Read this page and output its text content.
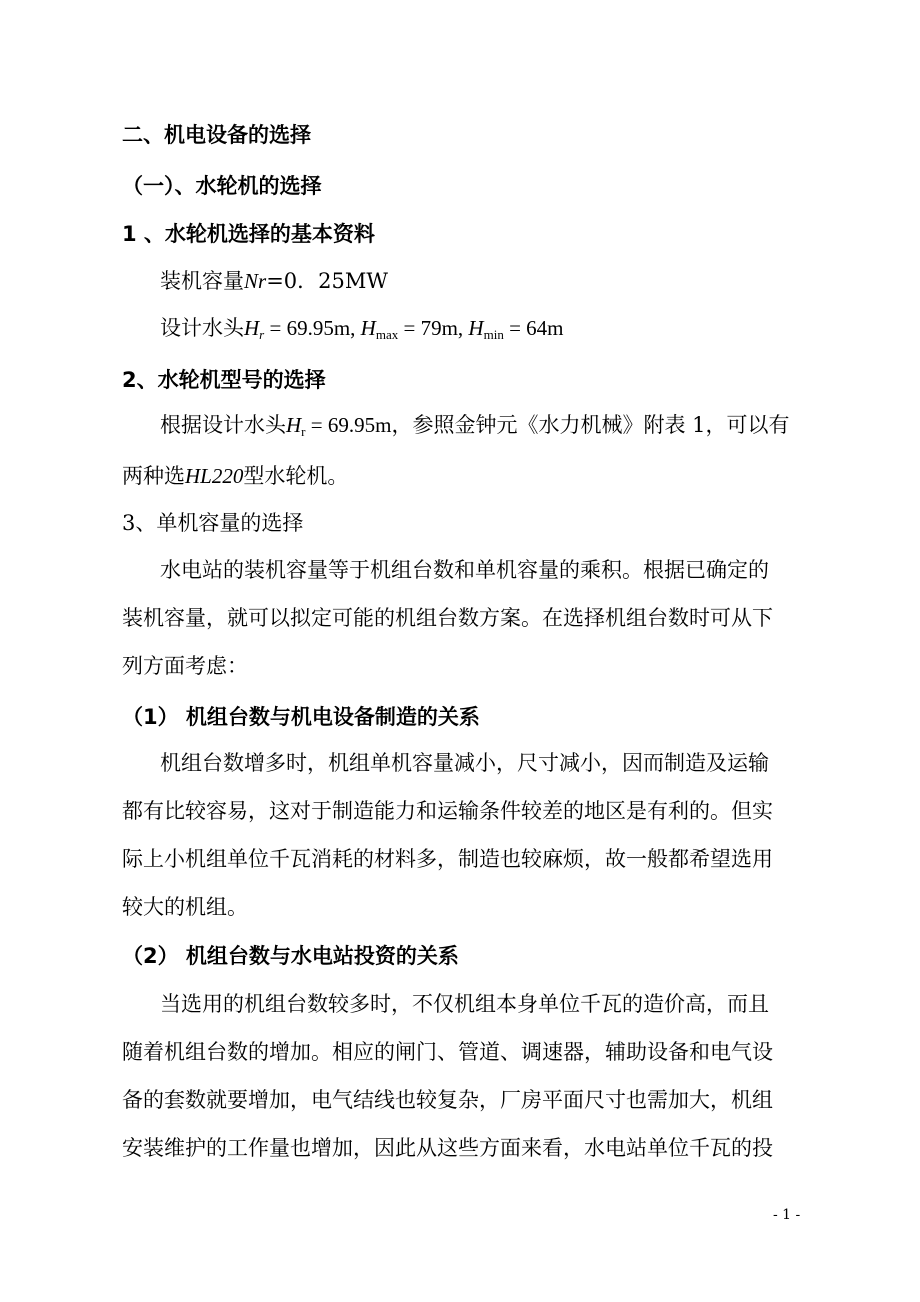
二、机电设备的选择
（一）、水轮机的选择
1 、水轮机选择的基本资料
装机容量Nr=0．25MW
设计水头$H_r = 69.95m$, $H_{max} = 79m$, $H_{min} = 64m$
2、水轮机型号的选择
根据设计水头$H_r = 69.95m$，参照金钟元《水力机械》附表 1，可以有
两种选HL220型水轮机。
3、单机容量的选择
水电站的装机容量等于机组台数和单机容量的乘积。根据已确定的
装机容量，就可以拟定可能的机组台数方案。在选择机组台数时可从下
列方面考虑：
（1） 机组台数与机电设备制造的关系
机组台数增多时，机组单机容量减小，尺寸减小，因而制造及运输
都有比较容易，这对于制造能力和运输条件较差的地区是有利的。但实
际上小机组单位千瓦消耗的材料多，制造也较麻烦，故一般都希望选用
较大的机组。
（2） 机组台数与水电站投资的关系
当选用的机组台数较多时，不仅机组本身单位千瓦的造价高，而且
随着机组台数的增加。相应的闸门、管道、调速器，辅助设备和电气设
备的套数就要增加，电气结线也较复杂，厂房平面尺寸也需加大，机组
安装维护的工作量也增加，因此从这些方面来看，水电站单位千瓦的投
- 1 -
